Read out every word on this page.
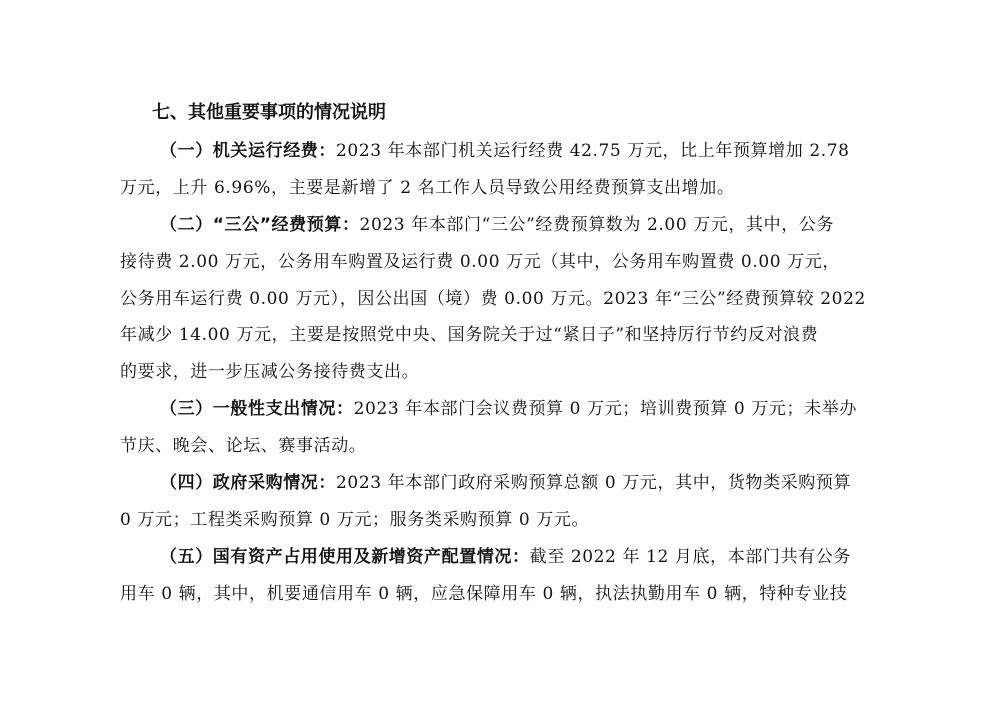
七、其他重要事项的情况说明
（一）机关运行经费：2023 年本部门机关运行经费 42.75 万元，比上年预算增加 2.78
万元，上升 6.96%，主要是新增了 2 名工作人员导致公用经费预算支出增加。
（二）“三公”经费预算：2023 年本部门“三公”经费预算数为 2.00 万元，其中，公务
接待费 2.00 万元，公务用车购置及运行费 0.00 万元（其中，公务用车购置费 0.00 万元，
公务用车运行费 0.00 万元），因公出国（境）费 0.00 万元。2023 年“三公”经费预算较 2022
年减少 14.00 万元，主要是按照党中央、国务院关于过“紧日子”和坚持厉行节约反对浪费
的要求，进一步压减公务接待费支出。
（三）一般性支出情况：2023 年本部门会议费预算 0 万元；培训费预算 0 万元；未举办
节庆、晚会、论坛、赛事活动。
（四）政府采购情况：2023 年本部门政府采购预算总额 0 万元，其中，货物类采购预算
0 万元；工程类采购预算 0 万元；服务类采购预算 0 万元。
（五）国有资产占用使用及新增资产配置情况：截至 2022 年 12 月底，本部门共有公务
用车 0 辆，其中，机要通信用车 0 辆，应急保障用车 0 辆，执法执勤用车 0 辆，特种专业技
